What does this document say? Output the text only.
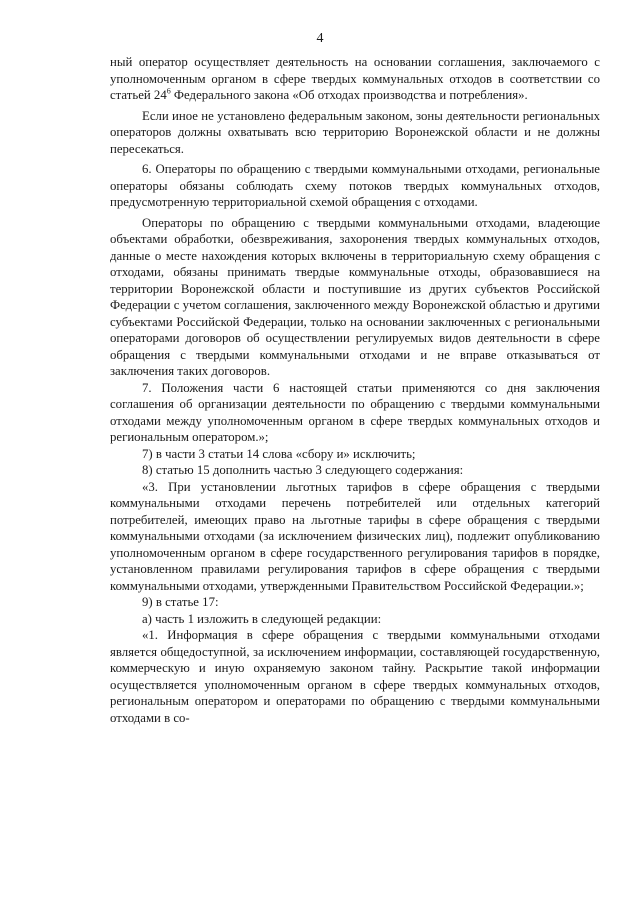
4

ный оператор осуществляет деятельность на основании соглашения, заключаемого с уполномоченным органом в сфере твердых коммунальных отходов в соответствии со статьей $24^6$ Федерального закона «Об отходах производства и потребления».

Если иное не установлено федеральным законом, зоны деятельности региональных операторов должны охватывать всю территорию Воронежской области и не должны пересекаться.

6. Операторы по обращению с твердыми коммунальными отходами, региональные операторы обязаны соблюдать схему потоков твердых коммунальных отходов, предусмотренную территориальной схемой обращения с отходами.

Операторы по обращению с твердыми коммунальными отходами, владеющие объектами обработки, обезвреживания, захоронения твердых коммунальных отходов, данные о месте нахождения которых включены в территориальную схему обращения с отходами, обязаны принимать твердые коммунальные отходы, образовавшиеся на территории Воронежской области и поступившие из других субъектов Российской Федерации с учетом соглашения, заключенного между Воронежской областью и другими субъектами Российской Федерации, только на основании заключенных с региональными операторами договоров об осуществлении регулируемых видов деятельности в сфере обращения с твердыми коммунальными отходами и не вправе отказываться от заключения таких договоров.

7. Положения части 6 настоящей статьи применяются со дня заключения соглашения об организации деятельности по обращению с твердыми коммунальными отходами между уполномоченным органом в сфере твердых коммунальных отходов и региональным оператором.»;

7) в части 3 статьи 14 слова «сбору и» исключить;

8) статью 15 дополнить частью 3 следующего содержания:

«3. При установлении льготных тарифов в сфере обращения с твердыми коммунальными отходами перечень потребителей или отдельных категорий потребителей, имеющих право на льготные тарифы в сфере обращения с твердыми коммунальными отходами (за исключением физических лиц), подлежит опубликованию уполномоченным органом в сфере государственного регулирования тарифов в порядке, установленном правилами регулирования тарифов в сфере обращения с твердыми коммунальными отходами, утвержденными Правительством Российской Федерации.»;

9) в статье 17:

а) часть 1 изложить в следующей редакции:

«1. Информация в сфере обращения с твердыми коммунальными отходами является общедоступной, за исключением информации, составляющей государственную, коммерческую и иную охраняемую законом тайну. Раскрытие такой информации осуществляется уполномоченным органом в сфере твердых коммунальных отходов, региональным оператором и операторами по обращению с твердыми коммунальными отходами в со-
